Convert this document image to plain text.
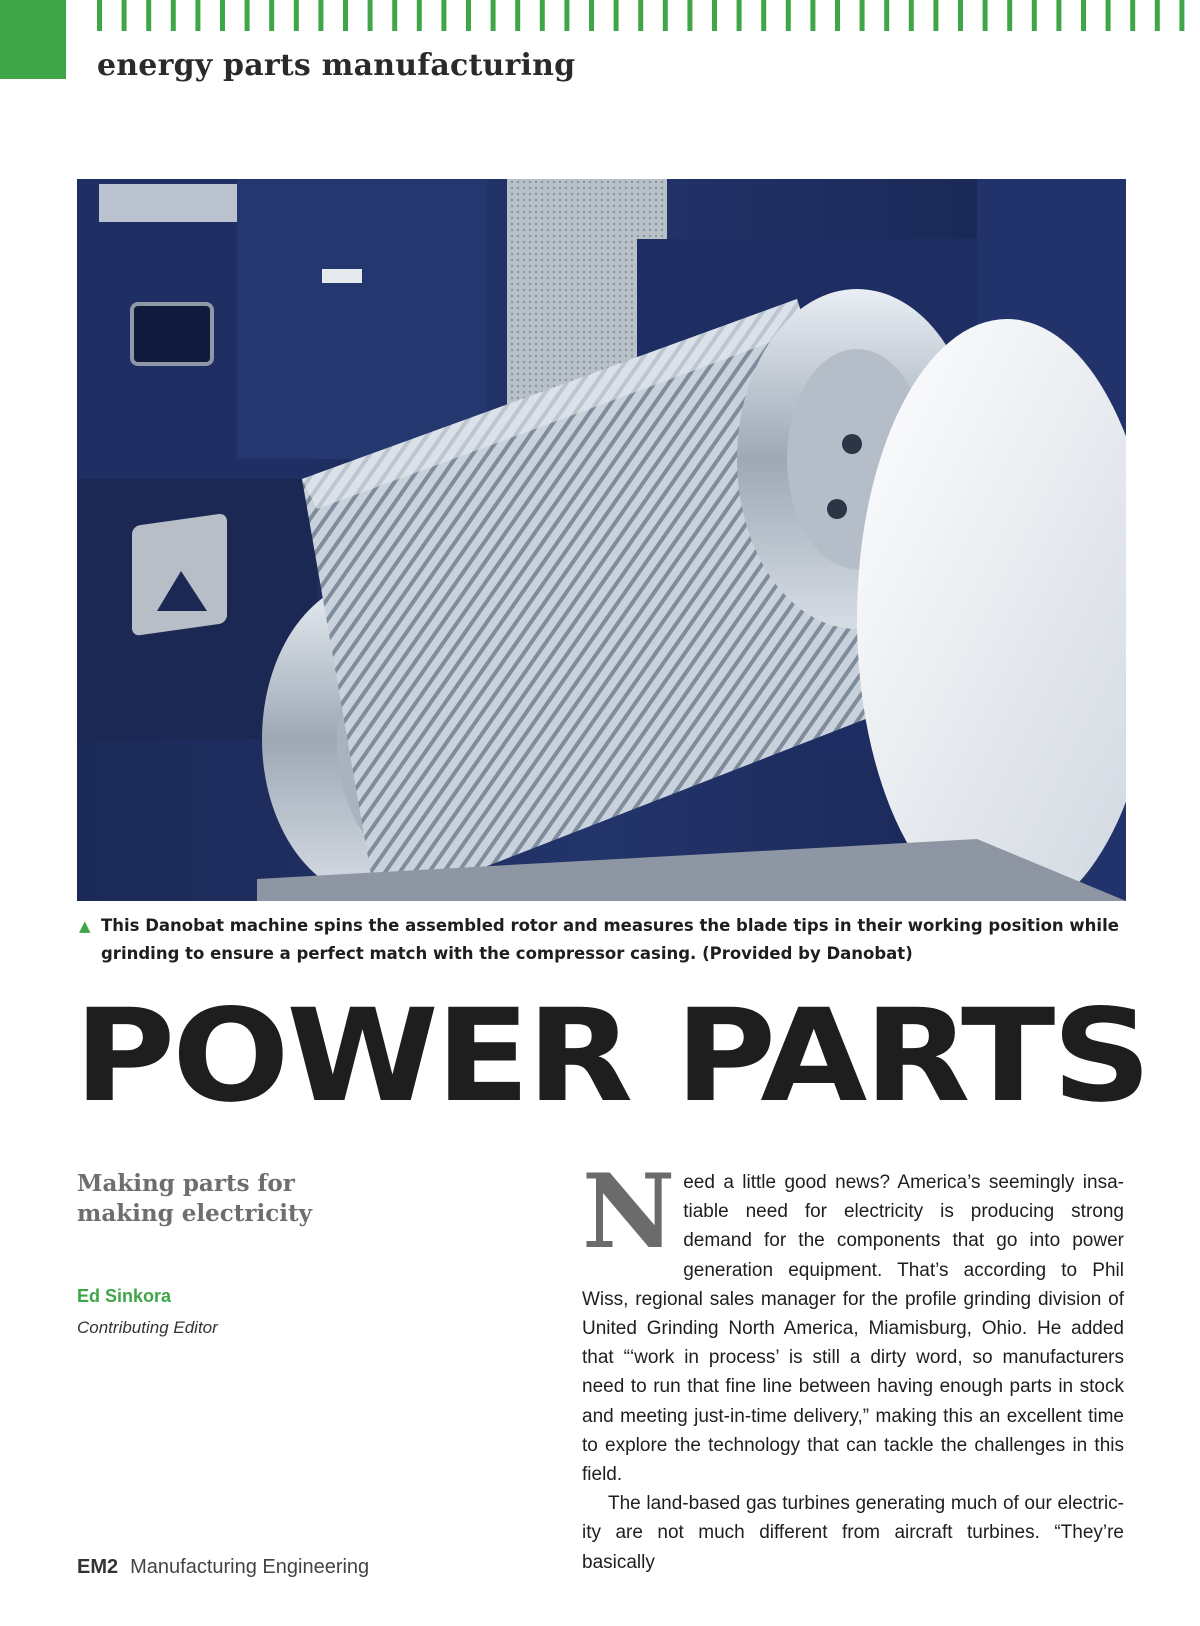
energy parts manufacturing
▲ This Danobat machine spins the assembled rotor and measures the blade tips in their working position while
grinding to ensure a perfect match with the compressor casing. (Provided by Danobat)
POWER PARTS
Making parts for making electricity
Ed Sinkora
Contributing Editor

Need a little good news? America’s seemingly insatiable need for electricity is producing strong demand for the components that go into power generation equipment. That’s according to Phil Wiss, regional sales manager for the profile grinding division of United Grinding North America, Miamisburg, Ohio. He added that “‘work in process’ is still a dirty word, so manufacturers need to run that fine line between having enough parts in stock and meeting just-in-time delivery,” making this an excellent time to explore the technology that can tackle the challenges in this field.

The land-based gas turbines generating much of our electricity are not much different from aircraft turbines. “They’re basically

EM2 Manufacturing Engineering
